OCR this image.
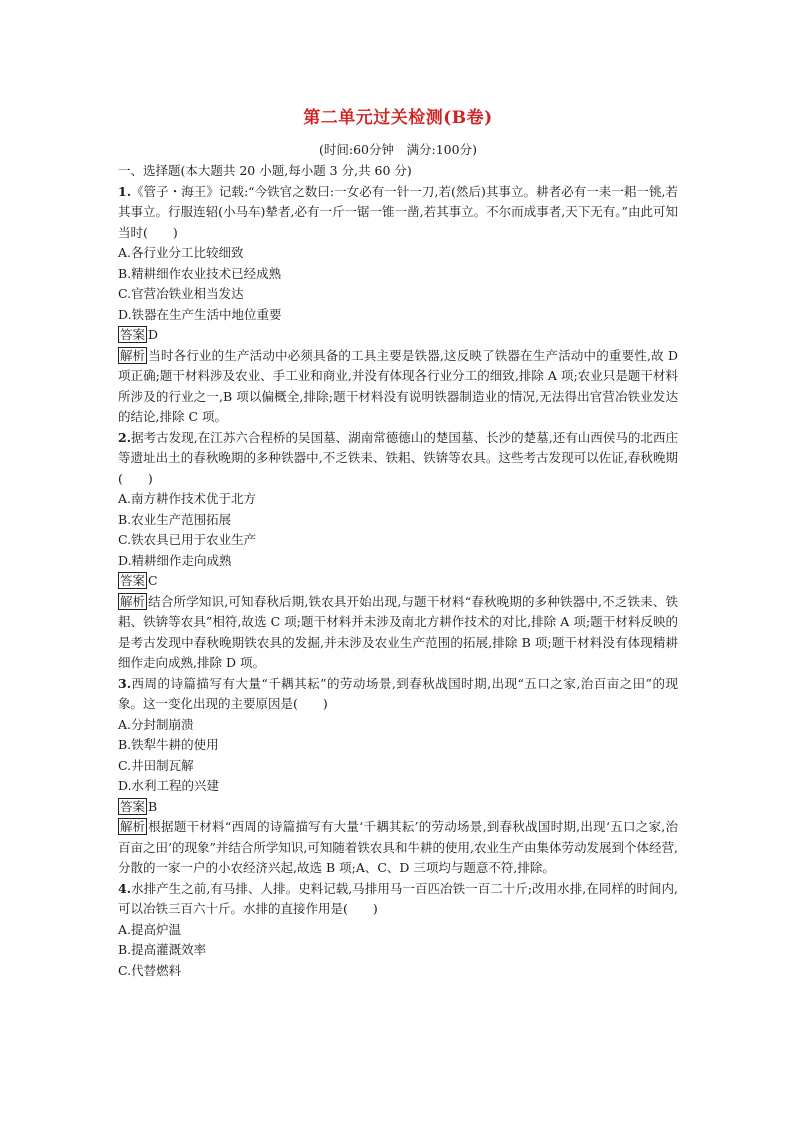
第二单元过关检测(B卷)

(时间:60分钟　满分:100分)

一、选择题(本大题共 20 小题,每小题 3 分,共 60 分)

1.《管子・海王》记载:“今铁官之数曰:一女必有一针一刀,若(然后)其事立。耕者必有一耒一耜一铫,若其事立。行服连轺(小马车)辇者,必有一斤一锯一锥一凿,若其事立。不尔而成事者,天下无有。”由此可知当时(　　)

A.各行业分工比较细致

B.精耕细作农业技术已经成熟

C.官营冶铁业相当发达

D.铁器在生产生活中地位重要

答案 D

解析 当时各行业的生产活动中必须具备的工具主要是铁器,这反映了铁器在生产活动中的重要性,故 D 项正确;题干材料涉及农业、手工业和商业,并没有体现各行业分工的细致,排除 A 项;农业只是题干材料所涉及的行业之一,B 项以偏概全,排除;题干材料没有说明铁器制造业的情况,无法得出官营冶铁业发达的结论,排除 C 项。

2.据考古发现,在江苏六合程桥的吴国墓、湖南常德德山的楚国墓、长沙的楚墓,还有山西侯马的北西庄等遗址出土的春秋晚期的多种铁器中,不乏铁耒、铁耜、铁锛等农具。这些考古发现可以佐证,春秋晚期(　　)

A.南方耕作技术优于北方

B.农业生产范围拓展

C.铁农具已用于农业生产

D.精耕细作走向成熟

答案 C

解析 结合所学知识,可知春秋后期,铁农具开始出现,与题干材料“春秋晚期的多种铁器中,不乏铁耒、铁耜、铁锛等农具”相符,故选 C 项;题干材料并未涉及南北方耕作技术的对比,排除 A 项;题干材料反映的是考古发现中春秋晚期铁农具的发掘,并未涉及农业生产范围的拓展,排除 B 项;题干材料没有体现精耕细作走向成熟,排除 D 项。

3.西周的诗篇描写有大量“千耦其耘”的劳动场景,到春秋战国时期,出现“五口之家,治百亩之田”的现象。这一变化出现的主要原因是(　　)

A.分封制崩溃

B.铁犁牛耕的使用

C.井田制瓦解

D.水利工程的兴建

答案 B

解析 根据题干材料“西周的诗篇描写有大量‘千耦其耘’的劳动场景,到春秋战国时期,出现‘五口之家,治百亩之田’的现象”并结合所学知识,可知随着铁农具和牛耕的使用,农业生产由集体劳动发展到个体经营,分散的一家一户的小农经济兴起,故选 B 项;A、C、D 三项均与题意不符,排除。

4.水排产生之前,有马排、人排。史料记载,马排用马一百匹冶铁一百二十斤;改用水排,在同样的时间内,可以冶铁三百六十斤。水排的直接作用是(　　)

A.提高炉温

B.提高灌溉效率

C.代替燃料
